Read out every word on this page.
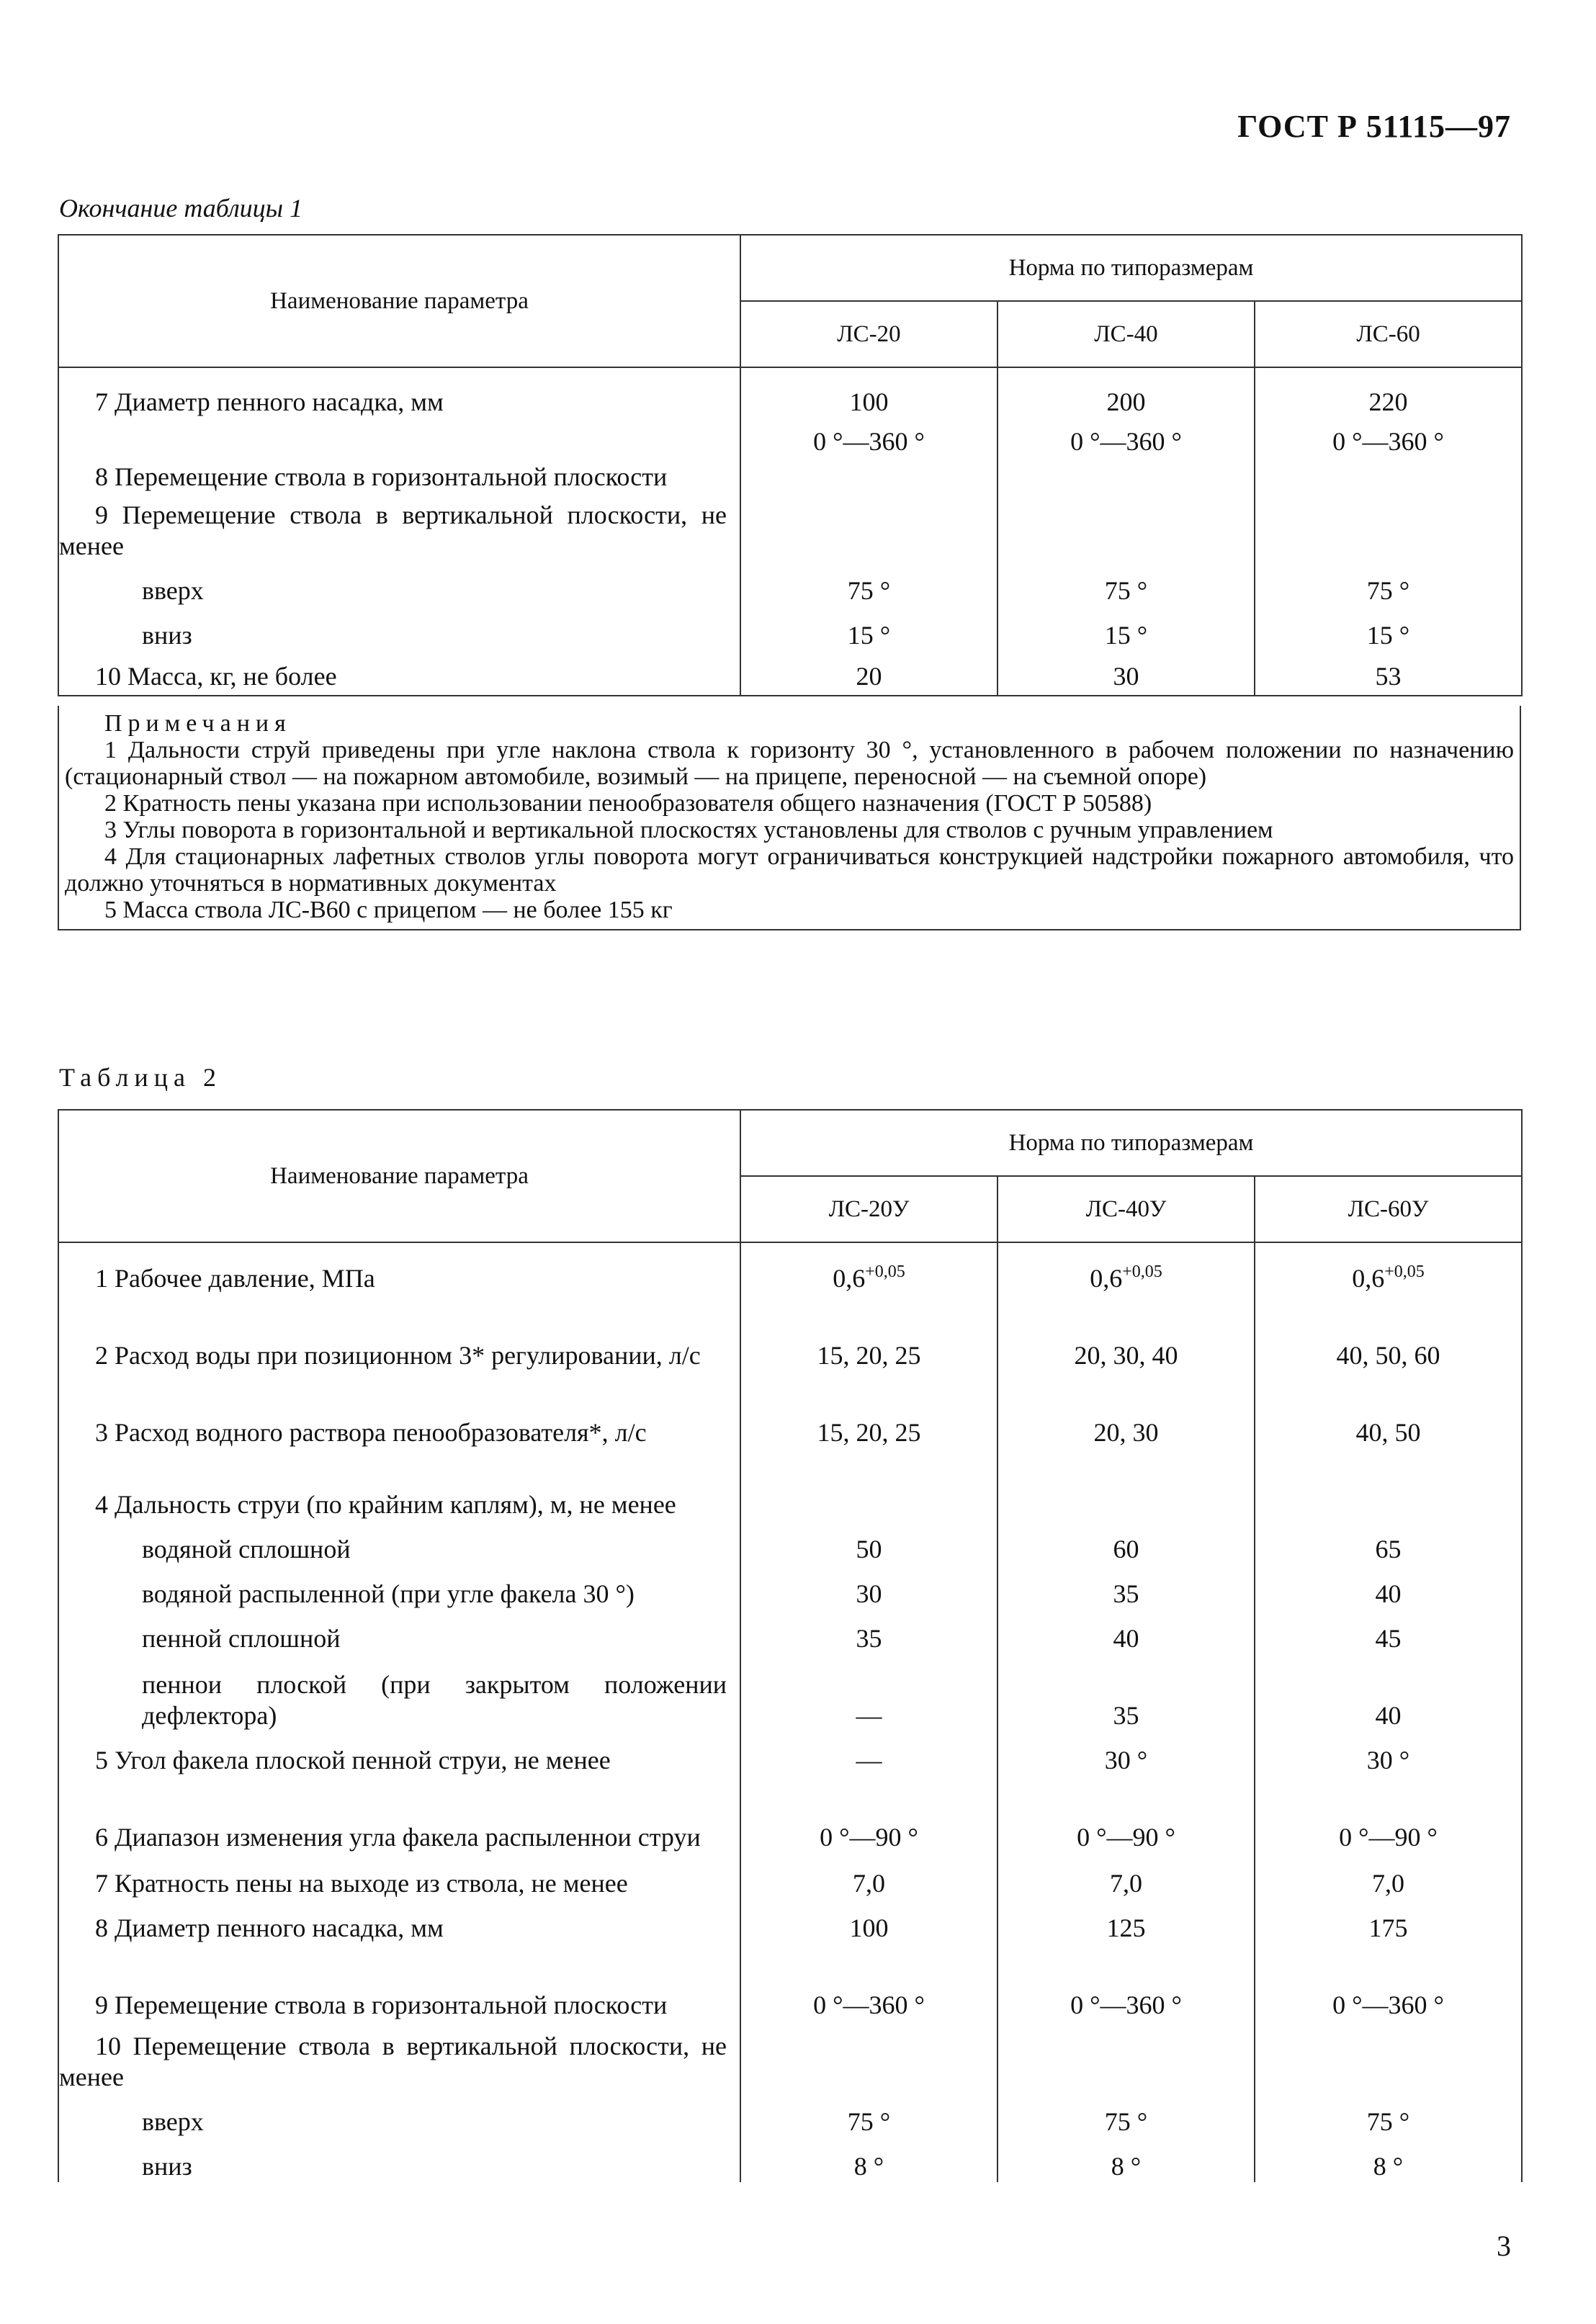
ГОСТ Р 51115—97
Окончание таблицы 1
Наименование параметра	Норма по типоразмерам		
	ЛС-20	ЛС-40	ЛС-60
7 Диаметр пенного насадка, мм	100	200	220
8 Перемещение ствола в горизонтальной плоскости	0 °—360 °	0 °—360 °	0 °—360 °
9 Перемещение ствола в вертикальной плоскости, не менее			
вверх	75 °	75 °	75 °
вниз	15 °	15 °	15 °
10 Масса, кг, не более	20	30	53
Примечания

1 Дальности струй приведены при угле наклона ствола к горизонту 30 °, установленного в рабочем положении по назначению (стационарный ствол — на пожарном автомобиле, возимый — на прицепе, переносной — на съемной опоре)

2 Кратность пены указана при использовании пенообразователя общего назначения (ГОСТ Р 50588)

3 Углы поворота в горизонтальной и вертикальной плоскостях установлены для стволов с ручным управлением

4 Для стационарных лафетных стволов углы поворота могут ограничиваться конструкцией надстройки пожарного автомобиля, что должно уточняться в нормативных документах

5 Масса ствола ЛС-В60 с прицепом — не более 155 кг

Таблица 2
Наименование параметра	Норма по типоразмерам		
	ЛС-20У	ЛС-40У	ЛС-60У
1 Рабочее давление, МПа	$0,6^{+0,05}$	$0,6^{+0,05}$	$0,6^{+0,05}$
2 Расход воды при позиционном 3* регулировании, л/с	15, 20, 25	20, 30, 40	40, 50, 60
3 Расход водного раствора пенообразователя*, л/с	15, 20, 25	20, 30	40, 50
4 Дальность струи (по крайним каплям), м, не менее			
водяной сплошной	50	60	65
водяной распыленной (при угле факела 30 °)	30	35	40
пенной сплошной	35	40	45
пеннои плоской (при закрытом положении дефлектора)	—	35	40
5 Угол факела плоской пенной струи, не менее	—	30 °	30 °
6 Диапазон изменения угла факела распыленнои струи	0 °—90 °	0 °—90 °	0 °—90 °
7 Кратность пены на выходе из ствола, не менее	7,0	7,0	7,0
8 Диаметр пенного насадка, мм	100	125	175
9 Перемещение ствола в горизонтальной плоскости	0 °—360 °	0 °—360 °	0 °—360 °
10 Перемещение ствола в вертикальной плоскости, не менее			
вверх	75 °	75 °	75 °
вниз	8 °	8 °	8 °
3
